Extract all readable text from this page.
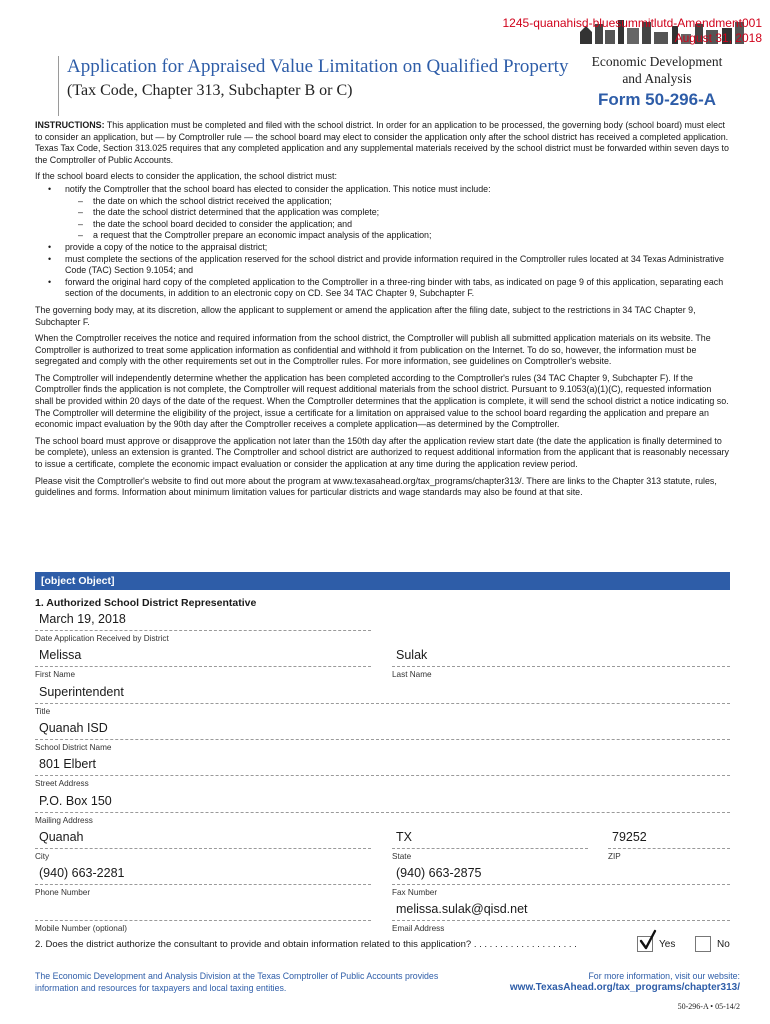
1245-quanahisd-bluesummitlutd-Amendment001
August 31, 2018
Application for Appraised Value Limitation on Qualified Property
(Tax Code, Chapter 313, Subchapter B or C)
Economic Development
and Analysis
Form 50-296-A

INSTRUCTIONS: This application must be completed and filed with the school district. In order for an application to be processed, the governing body (school board) must elect to consider an application, but — by Comptroller rule — the school board may elect to consider the application only after the school district has received a completed application. Texas Tax Code, Section 313.025 requires that any completed application and any supplemental materials received by the school district must be forwarded within seven days to the Comptroller of Public Accounts.

If the school board elects to consider the application, the school district must:

• notify the Comptroller that the school board has elected to consider the application. This notice must include:
– the date on which the school district received the application;
– the date the school district determined that the application was complete;
– the date the school board decided to consider the application; and
– a request that the Comptroller prepare an economic impact analysis of the application;
• provide a copy of the notice to the appraisal district;
• must complete the sections of the application reserved for the school district and provide information required in the Comptroller rules located at 34 Texas Administrative Code (TAC) Section 9.1054; and
• forward the original hard copy of the completed application to the Comptroller in a three-ring binder with tabs, as indicated on page 9 of this application, separating each section of the documents, in addition to an electronic copy on CD. See 34 TAC Chapter 9, Subchapter F.

The governing body may, at its discretion, allow the applicant to supplement or amend the application after the filing date, subject to the restrictions in 34 TAC Chapter 9, Subchapter F.

When the Comptroller receives the notice and required information from the school district, the Comptroller will publish all submitted application materials on its website. The Comptroller is authorized to treat some application information as confidential and withhold it from publication on the Internet. To do so, however, the information must be segregated and comply with the other requirements set out in the Comptroller rules. For more information, see guidelines on Comptroller's website.

The Comptroller will independently determine whether the application has been completed according to the Comptroller's rules (34 TAC Chapter 9, Subchapter F). If the Comptroller finds the application is not complete, the Comptroller will request additional materials from the school district. Pursuant to 9.1053(a)(1)(C), requested information shall be provided within 20 days of the date of the request. When the Comptroller determines that the application is complete, it will send the school district a notice indicating so. The Comptroller will determine the eligibility of the project, issue a certificate for a limitation on appraised value to the school board regarding the application and prepare an economic impact evaluation by the 90th day after the Comptroller receives a complete application—as determined by the Comptroller.

The school board must approve or disapprove the application not later than the 150th day after the application review start date (the date the application is finally determined to be complete), unless an extension is granted. The Comptroller and school district are authorized to request additional information from the applicant that is reasonably necessary to issue a certificate, complete the economic impact evaluation or consider the application at any time during the application review period.

Please visit the Comptroller's website to find out more about the program at www.texasahead.org/tax_programs/chapter313/. There are links to the Chapter 313 statute, rules, guidelines and forms. Information about minimum limitation values for particular districts and wage standards may also be found at that site.

[object Object]
1. Authorized School District Representative
March 19, 2018
Date Application Received by District
Melissa
First Name
Sulak
Last Name
Superintendent
Title
Quanah ISD
School District Name
801 Elbert
Street Address
P.O. Box 150
Mailing Address
Quanah
City
TX
State
79252
ZIP
(940) 663-2281
Phone Number
(940) 663-2875
Fax Number
Mobile Number (optional)
melissa.sulak@qisd.net
Email Address
2. Does the district authorize the consultant to provide and obtain information related to this application? . . . . . . . . . . . . . . . . . . . .	Yes	No
The Economic Development and Analysis Division at the Texas Comptroller of Public Accounts provides information and resources for taxpayers and local taxing entities.
For more information, visit our website:
www.TexasAhead.org/tax_programs/chapter313/
50-296-A • 05-14/2
